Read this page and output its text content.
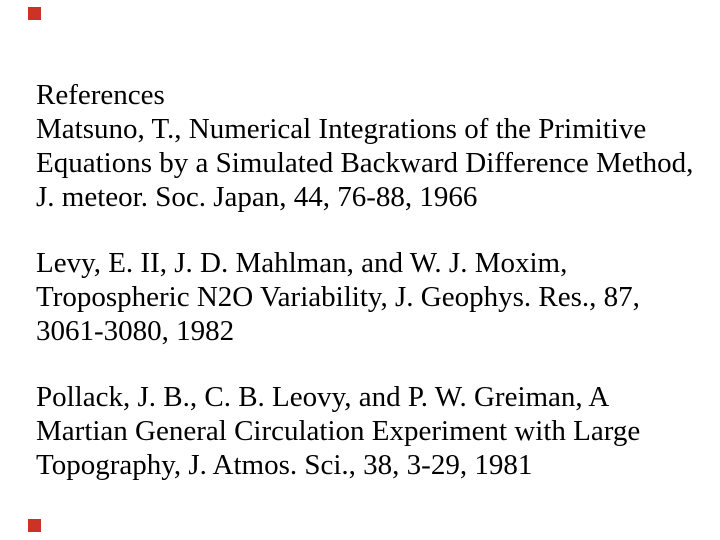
References
Matsuno, T., Numerical Integrations of the Primitive
Equations by a Simulated Backward Difference Method,
J. meteor. Soc. Japan, 44, 76-88, 1966
Levy, E. II, J. D. Mahlman, and W. J. Moxim,
Tropospheric N2O Variability, J. Geophys. Res., 87,
3061-3080, 1982
Pollack, J. B., C. B. Leovy, and P. W. Greiman, A
Martian General Circulation Experiment with Large
Topography, J. Atmos. Sci., 38, 3-29, 1981
